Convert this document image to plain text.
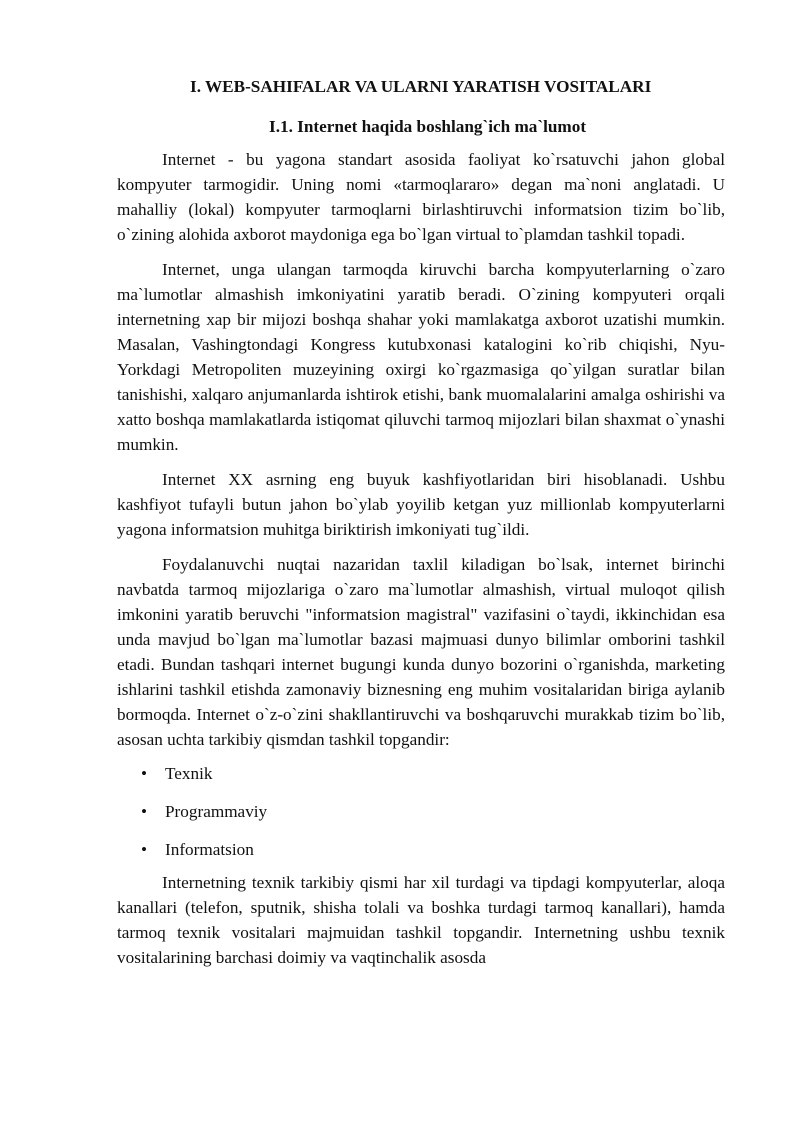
I. WEB-SAHIFALAR VA ULARNI YARATISH VOSITALARI
I.1. Internet haqida boshlang`ich ma`lumot

Internet - bu yagona standart asosida faoliyat ko`rsatuvchi jahon global kompyuter tarmogidir. Uning nomi «tarmoqlararo» degan ma`noni anglatadi. U mahalliy (lokal) kompyuter tarmoqlarni birlashtiruvchi informatsion tizim bo`lib, o`zining alohida axborot maydoniga ega bo`lgan virtual to`plamdan tashkil topadi.

Internet, unga ulangan tarmoqda kiruvchi barcha kompyuterlarning o`zaro ma`lumotlar almashish imkoniyatini yaratib beradi. O`zining kompyuteri orqali internetning xap bir mijozi boshqa shahar yoki mamlakatga axborot uzatishi mumkin. Masalan, Vashingtondagi Kongress kutubxonasi katalogini ko`rib chiqishi, Nyu-Yorkdagi Metropoliten muzeyining oxirgi ko`rgazmasiga qo`yilgan suratlar bilan tanishishi, xalqaro anjumanlarda ishtirok etishi, bank muomalalarini amalga oshirishi va xatto boshqa mamlakatlarda istiqomat qiluvchi tarmoq mijozlari bilan shaxmat o`ynashi mumkin.

Internet XX asrning eng buyuk kashfiyotlaridan biri hisoblanadi. Ushbu kashfiyot tufayli butun jahon bo`ylab yoyilib ketgan yuz millionlab kompyuterlarni yagona informatsion muhitga biriktirish imkoniyati tug`ildi.

Foydalanuvchi nuqtai nazaridan taxlil kiladigan bo`lsak, internet birinchi navbatda tarmoq mijozlariga o`zaro ma`lumotlar almashish, virtual muloqot qilish imkonini yaratib beruvchi "informatsion magistral" vazifasini o`taydi, ikkinchidan esa unda mavjud bo`lgan ma`lumotlar bazasi majmuasi dunyo bilimlar omborini tashkil etadi. Bundan tashqari internet bugungi kunda dunyo bozorini o`rganishda, marketing ishlarini tashkil etishda zamonaviy biznesning eng muhim vositalaridan biriga aylanib bormoqda. Internet o`z-o`zini shakllantiruvchi va boshqaruvchi murakkab tizim bo`lib, asosan uchta tarkibiy qismdan tashkil topgandir:

• Texnik
• Programmaviy
• Informatsion

Internetning texnik tarkibiy qismi har xil turdagi va tipdagi kompyuterlar, aloqa kanallari (telefon, sputnik, shisha tolali va boshka turdagi tarmoq kanallari), hamda tarmoq texnik vositalari majmuidan tashkil topgandir. Internetning ushbu texnik vositalarining barchasi doimiy va vaqtinchalik asosda
